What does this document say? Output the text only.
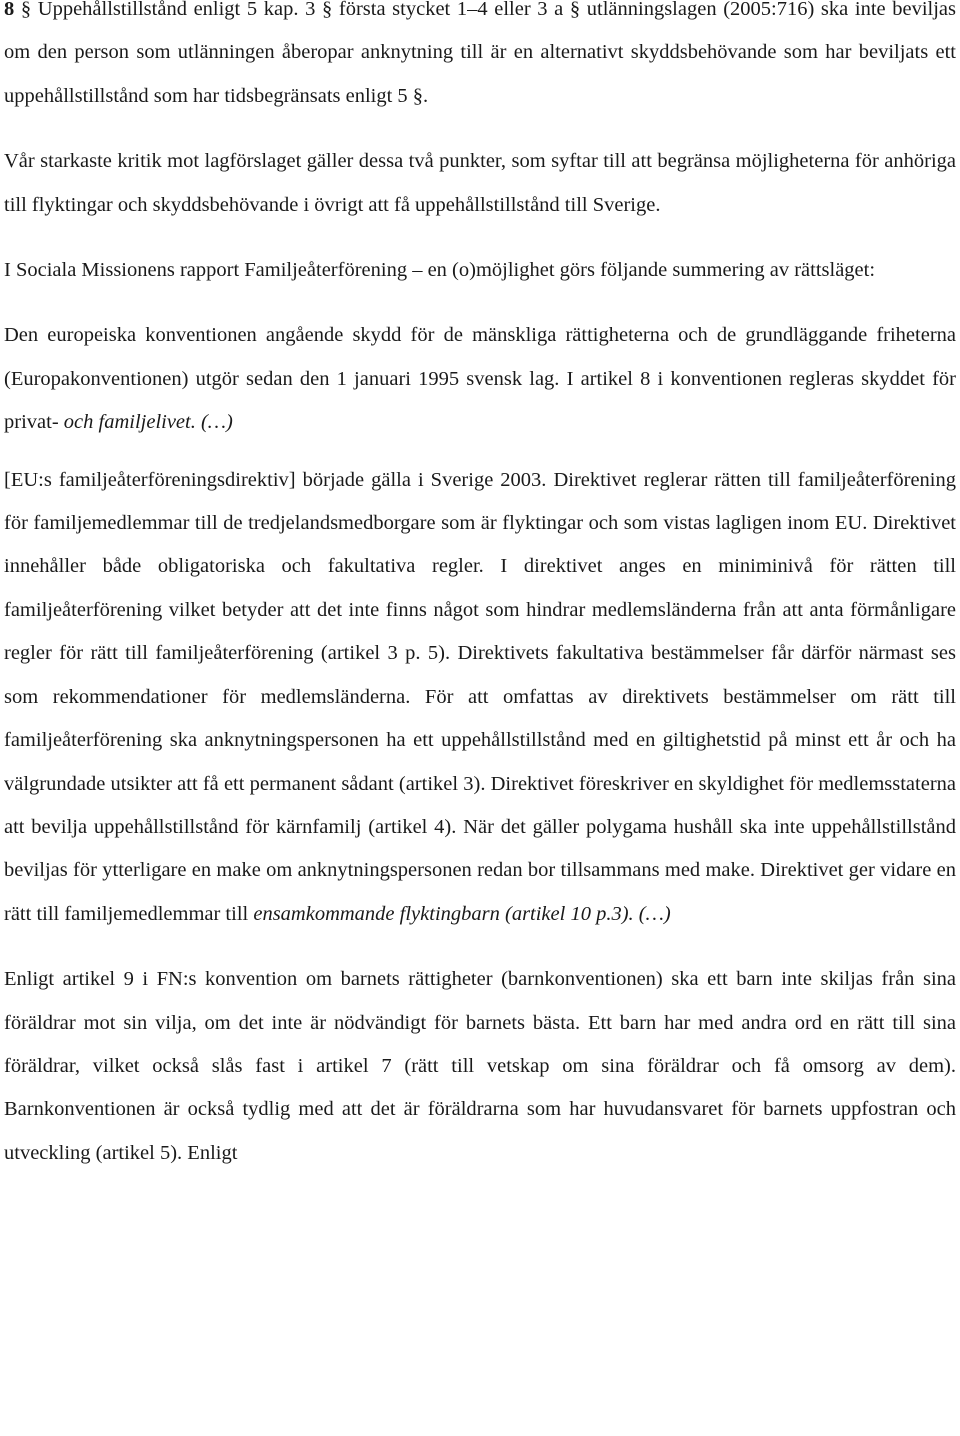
8 § Uppehållstillstånd enligt 5 kap. 3 § första stycket 1–4 eller 3 a § utlänningslagen (2005:716) ska inte beviljas om den person som utlänningen åberopar anknytning till är en alternativt skyddsbehövande som har beviljats ett uppehållstillstånd som har tidsbegränsats enligt 5 §.

Vår starkaste kritik mot lagförslaget gäller dessa två punkter, som syftar till att begränsa möjligheterna för anhöriga till flyktingar och skyddsbehövande i övrigt att få uppehållstillstånd till Sverige.

I Sociala Missionens rapport Familjeåterförening – en (o)möjlighet görs följande summering av rättsläget:

Den europeiska konventionen angående skydd för de mänskliga rättigheterna och de grundläggande friheterna (Europakonventionen) utgör sedan den 1 januari 1995 svensk lag. I artikel 8 i konventionen regleras skyddet för privat- och familjelivet. (…)

[EU:s familjeåterföreningsdirektiv] började gälla i Sverige 2003. Direktivet reglerar rätten till familjeåterförening för familjemedlemmar till de tredjelandsmedborgare som är flyktingar och som vistas lagligen inom EU. Direktivet innehåller både obligatoriska och fakultativa regler. I direktivet anges en miniminivå för rätten till familjeåterförening vilket betyder att det inte finns något som hindrar medlemsländerna från att anta förmånligare regler för rätt till familjeåterförening (artikel 3 p. 5). Direktivets fakultativa bestämmelser får därför närmast ses som rekommendationer för medlemsländerna. För att omfattas av direktivets bestämmelser om rätt till familjeåterförening ska anknytningspersonen ha ett uppehållstillstånd med en giltighetstid på minst ett år och ha välgrundade utsikter att få ett permanent sådant (artikel 3). Direktivet föreskriver en skyldighet för medlemsstaterna att bevilja uppehållstillstånd för kärnfamilj (artikel 4). När det gäller polygama hushåll ska inte uppehållstillstånd beviljas för ytterligare en make om anknytningspersonen redan bor tillsammans med make. Direktivet ger vidare en rätt till familjemedlemmar till ensamkommande flyktingbarn (artikel 10 p.3). (…)

Enligt artikel 9 i FN:s konvention om barnets rättigheter (barnkonventionen) ska ett barn inte skiljas från sina föräldrar mot sin vilja, om det inte är nödvändigt för barnets bästa. Ett barn har med andra ord en rätt till sina föräldrar, vilket också slås fast i artikel 7 (rätt till vetskap om sina föräldrar och få omsorg av dem). Barnkonventionen är också tydlig med att det är föräldrarna som har huvudansvaret för barnets uppfostran och utveckling (artikel 5). Enligt
